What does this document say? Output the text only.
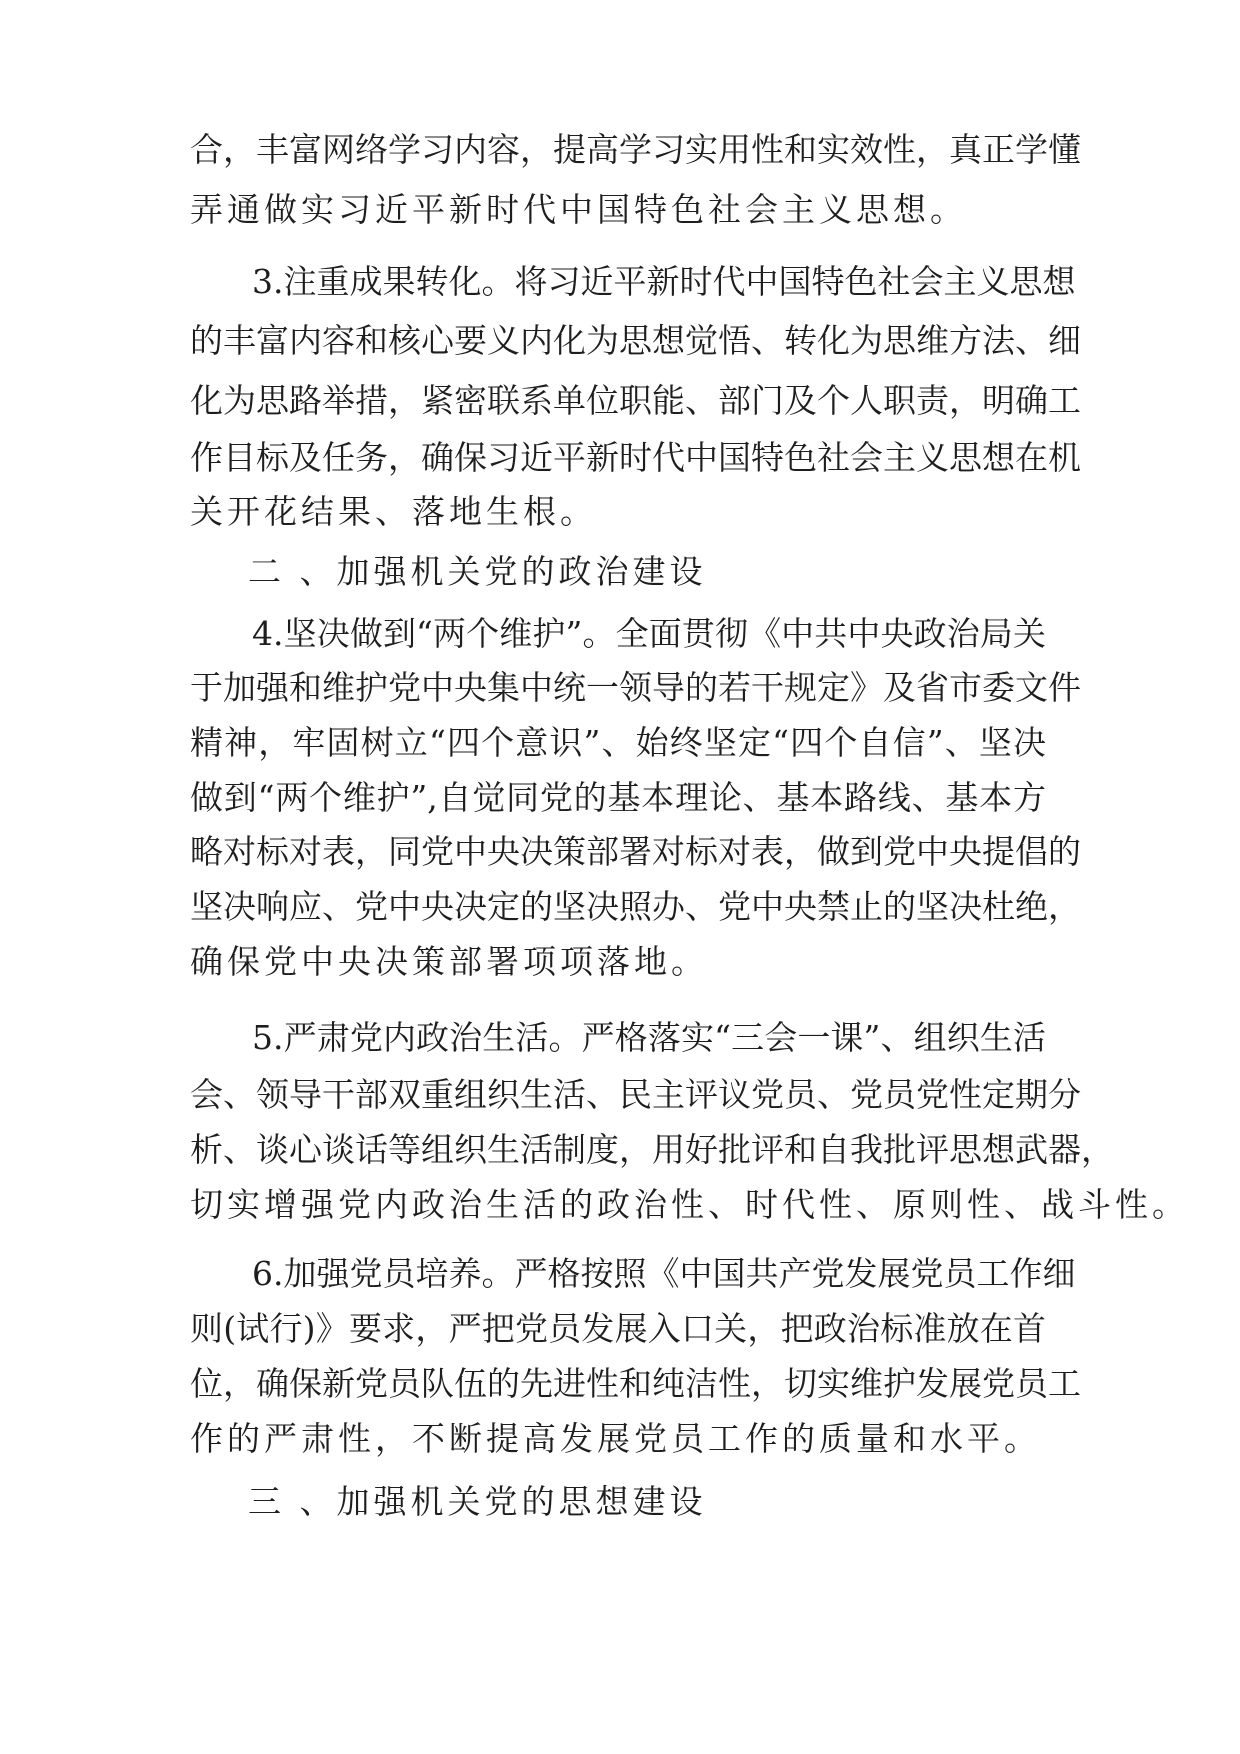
合，丰富网络学习内容，提高学习实用性和实效性，真正学懂
弄通做实习近平新时代中国特色社会主义思想。
3.注重成果转化。将习近平新时代中国特色社会主义思想
的丰富内容和核心要义内化为思想觉悟、转化为思维方法、细
化为思路举措，紧密联系单位职能、部门及个人职责，明确工
作目标及任务，确保习近平新时代中国特色社会主义思想在机
关开花结果、落地生根。
二 、加强机关党的政治建设
4.坚决做到“两个维护”。全面贯彻《中共中央政治局关
于加强和维护党中央集中统一领导的若干规定》及省市委文件
精神，牢固树立“四个意识”、始终坚定“四个自信”、坚决
做到“两个维护”,自觉同党的基本理论、基本路线、基本方
略对标对表，同党中央决策部署对标对表，做到党中央提倡的
坚决响应、党中央决定的坚决照办、党中央禁止的坚决杜绝，
确保党中央决策部署项项落地。
5.严肃党内政治生活。严格落实“三会一课”、组织生活
会、领导干部双重组织生活、民主评议党员、党员党性定期分
析、谈心谈话等组织生活制度，用好批评和自我批评思想武器，
切实增强党内政治生活的政治性、时代性、原则性、战斗性。
6.加强党员培养。严格按照《中国共产党发展党员工作细
则(试行)》要求，严把党员发展入口关，把政治标准放在首
位，确保新党员队伍的先进性和纯洁性，切实维护发展党员工
作的严肃性，不断提高发展党员工作的质量和水平。
三 、加强机关党的思想建设
